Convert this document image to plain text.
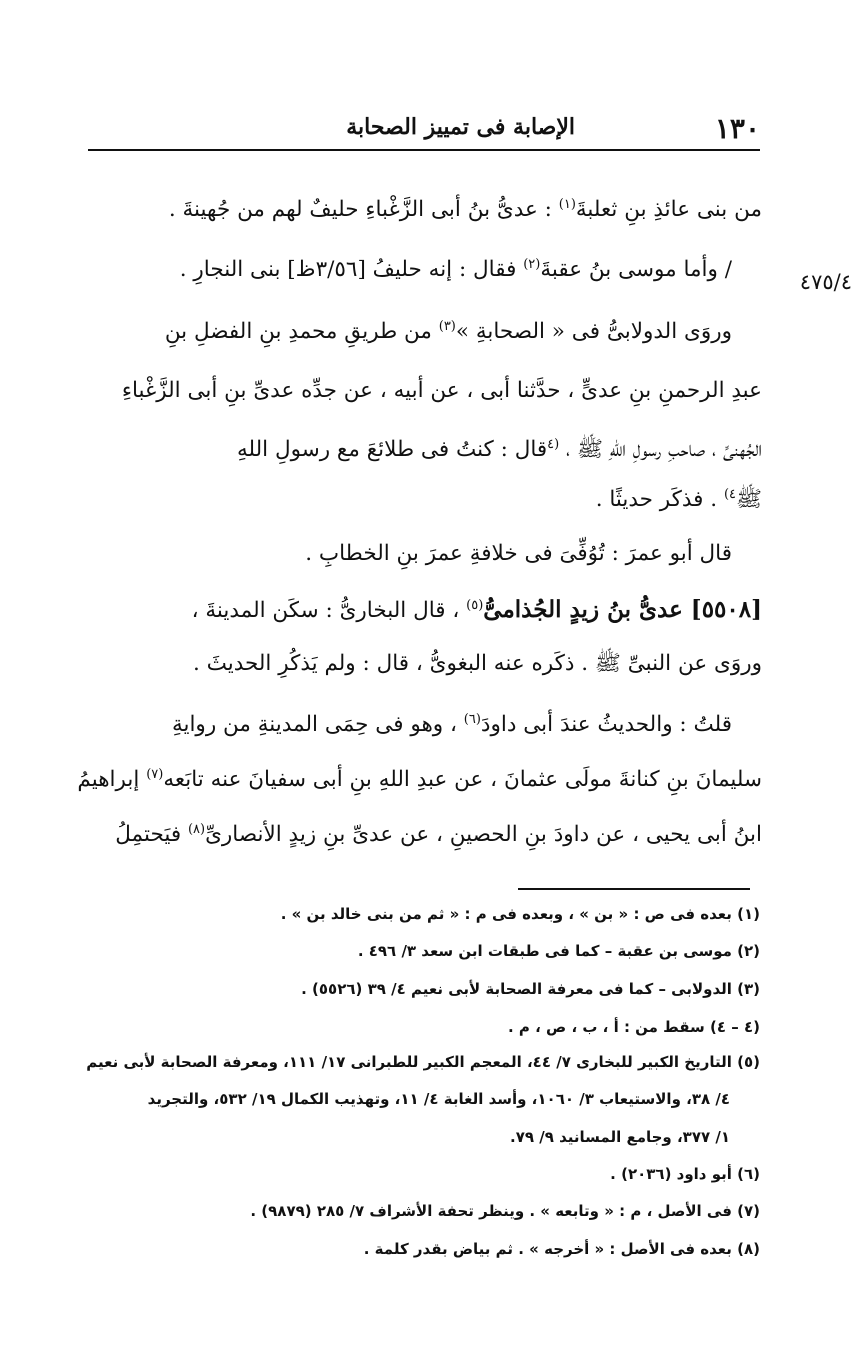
١٣٠
الإصابة فى تمييز الصحابة
٤٧٥/٤
من بنى عائذِ بنِ ثعلبةَ$^{(١)}$ : عدىُّ بنُ أبى الزَّغْباءِ حليفٌ لهم من جُهينةَ .
/ وأما موسى بنُ عقبةَ$^{(٢)}$ فقال : إنه حليفُ [٣/٥٦ظ] بنى النجارِ .
وروَى الدولابىُّ فى « الصحابةِ »$^{(٣)}$ من طريقِ محمدِ بنِ الفضلِ بنِ
عبدِ الرحمنِ بنِ عدىٍّ ، حدَّثنا أبى ، عن أبيه ، عن جدِّه عدىِّ بنِ أبى الزَّغْباءِ
الجُهنىِّ ، صاحبِ رسولِ اللهِ ﷺ ، $^{(٤}$قال : كنتُ فى طلائعَ مع رسولِ اللهِ
ﷺ$^{٤)}$ . فذكَر حديثًا .
قال أبو عمرَ : تُوُفِّىَ فى خلافةِ عمرَ بنِ الخطابِ .
[٥٥٠٨] عدىُّ بنُ زيدٍ الجُذامىُّ$^{(٥)}$ ، قال البخارىُّ : سكَن المدينةَ ،
وروَى عن النبىِّ ﷺ . ذكَره عنه البغوىُّ ، قال : ولم يَذكُرِ الحديثَ .
قلتُ : والحديثُ عندَ أبى داودَ$^{(٦)}$ ، وهو فى حِمَى المدينةِ من روايةِ
سليمانَ بنِ كنانةَ مولَى عثمانَ ، عن عبدِ اللهِ بنِ أبى سفيانَ عنه تابَعه$^{(٧)}$ إبراهيمُ
ابنُ أبى يحيى ، عن داودَ بنِ الحصينِ ، عن عدىِّ بنِ زيدٍ الأنصارىِّ$^{(٨)}$ فيَحتمِلُ
(١) بعده فى ص : « بن » ، وبعده فى م : « ثم من بنى خالد بن » .
(٢) موسى بن عقبة – كما فى طبقات ابن سعد ٣/ ٤٩٦ .
(٣) الدولابى – كما فى معرفة الصحابة لأبى نعيم ٤/ ٣٩ (٥٥٢٦) .
(٤ – ٤) سقط من : أ ، ب ، ص ، م .
(٥) التاريخ الكبير للبخارى ٧/ ٤٤، المعجم الكبير للطبرانى ١٧/ ١١١، ومعرفة الصحابة لأبى نعيم
٤/ ٣٨، والاستيعاب ٣/ ١٠٦٠، وأسد الغابة ٤/ ١١، وتهذيب الكمال ١٩/ ٥٣٢، والتجريد
١/ ٣٧٧، وجامع المسانيد ٩/ ٧٩.
(٦) أبو داود (٢٠٣٦) .
(٧) فى الأصل ، م : « وتابعه » . وينظر تحفة الأشراف ٧/ ٢٨٥ (٩٨٧٩) .
(٨) بعده فى الأصل : « أخرجه » . ثم بياض بقدر كلمة .
